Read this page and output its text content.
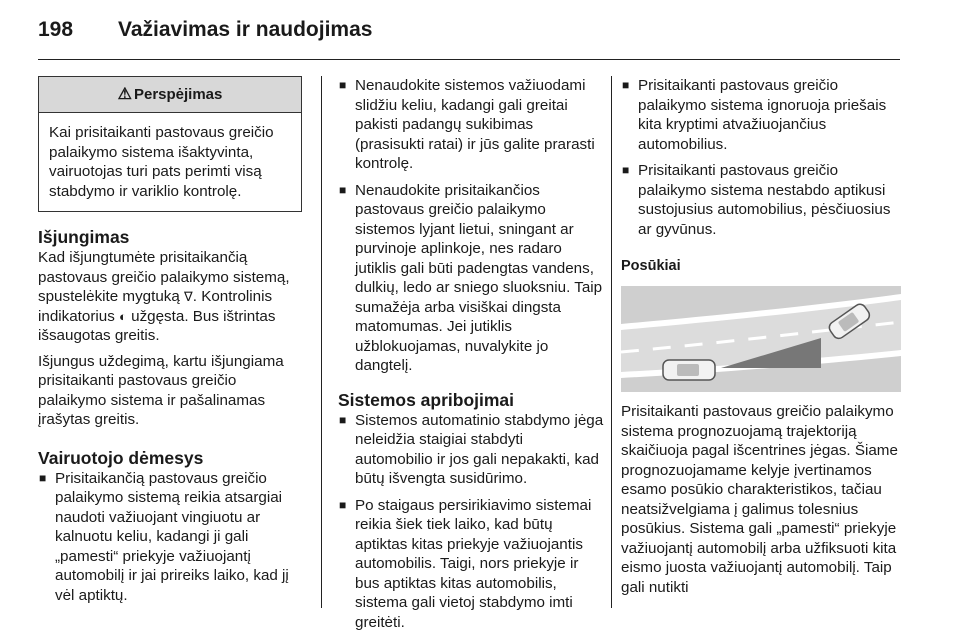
198 Važiavimas ir naudojimas
⚠ Perspėjimas
Kai prisitaikanti pastovaus greičio palaikymo sistema išaktyvinta, vairuotojas turi pats perimti visą stabdymo ir variklio kontrolę.
Išjungimas

Kad išjungtumėte prisitaikančią pastovaus greičio palaikymo sistemą, spustelėkite mygtuką ∇. Kontrolinis indikatorius ◐ užgęsta. Bus ištrintas išsaugotas greitis.

Išjungus uždegimą, kartu išjungiama prisitaikanti pastovaus greičio palaikymo sistema ir pašalinamas įrašytas greitis.

Vairuotojo dėmesys
■ Prisitaikančią pastovaus greičio palaikymo sistemą reikia atsargiai naudoti važiuojant vingiuotu ar kalnuotu keliu, kadangi ji gali „pamesti“ priekyje važiuojantį automobilį ir jai prireiks laiko, kad jį vėl aptiktų.
■ Nenaudokite sistemos važiuodami slidžiu keliu, kadangi gali greitai pakisti padangų sukibimas (prasisukti ratai) ir jūs galite prarasti kontrolę.
■ Nenaudokite prisitaikančios pastovaus greičio palaikymo sistemos lyjant lietui, sningant ar purvinoje aplinkoje, nes radaro jutiklis gali būti padengtas vandens, dulkių, ledo ar sniego sluoksniu. Taip sumažėja arba visiškai dingsta matomumas. Jei jutiklis užblokuojamas, nuvalykite jo dangtelį.
Sistemos apribojimai
■ Sistemos automatinio stabdymo jėga neleidžia staigiai stabdyti automobilio ir jos gali nepakakti, kad būtų išvengta susidūrimo.
■ Po staigaus persirikiavimo sistemai reikia šiek tiek laiko, kad būtų aptiktas kitas priekyje važiuojantis automobilis. Taigi, nors priekyje ir bus aptiktas kitas automobilis, sistema gali vietoj stabdymo imti greitėti.
■ Prisitaikanti pastovaus greičio palaikymo sistema ignoruoja priešais kita kryptimi atvažiuojančius automobilius.
■ Prisitaikanti pastovaus greičio palaikymo sistema nestabdo aptikusi sustojusius automobilius, pėsčiuosius ar gyvūnus.
Posūkiai

Prisitaikanti pastovaus greičio palaikymo sistema prognozuojamą trajektoriją skaičiuoja pagal išcentrines jėgas. Šiame prognozuojamame kelyje įvertinamos esamo posūkio charakteristikos, tačiau neatsižvelgiama į galimus tolesnius posūkius. Sistema gali „pamesti“ priekyje važiuojantį automobilį arba užfiksuoti kita eismo juosta važiuojantį automobilį. Taip gali nutikti
